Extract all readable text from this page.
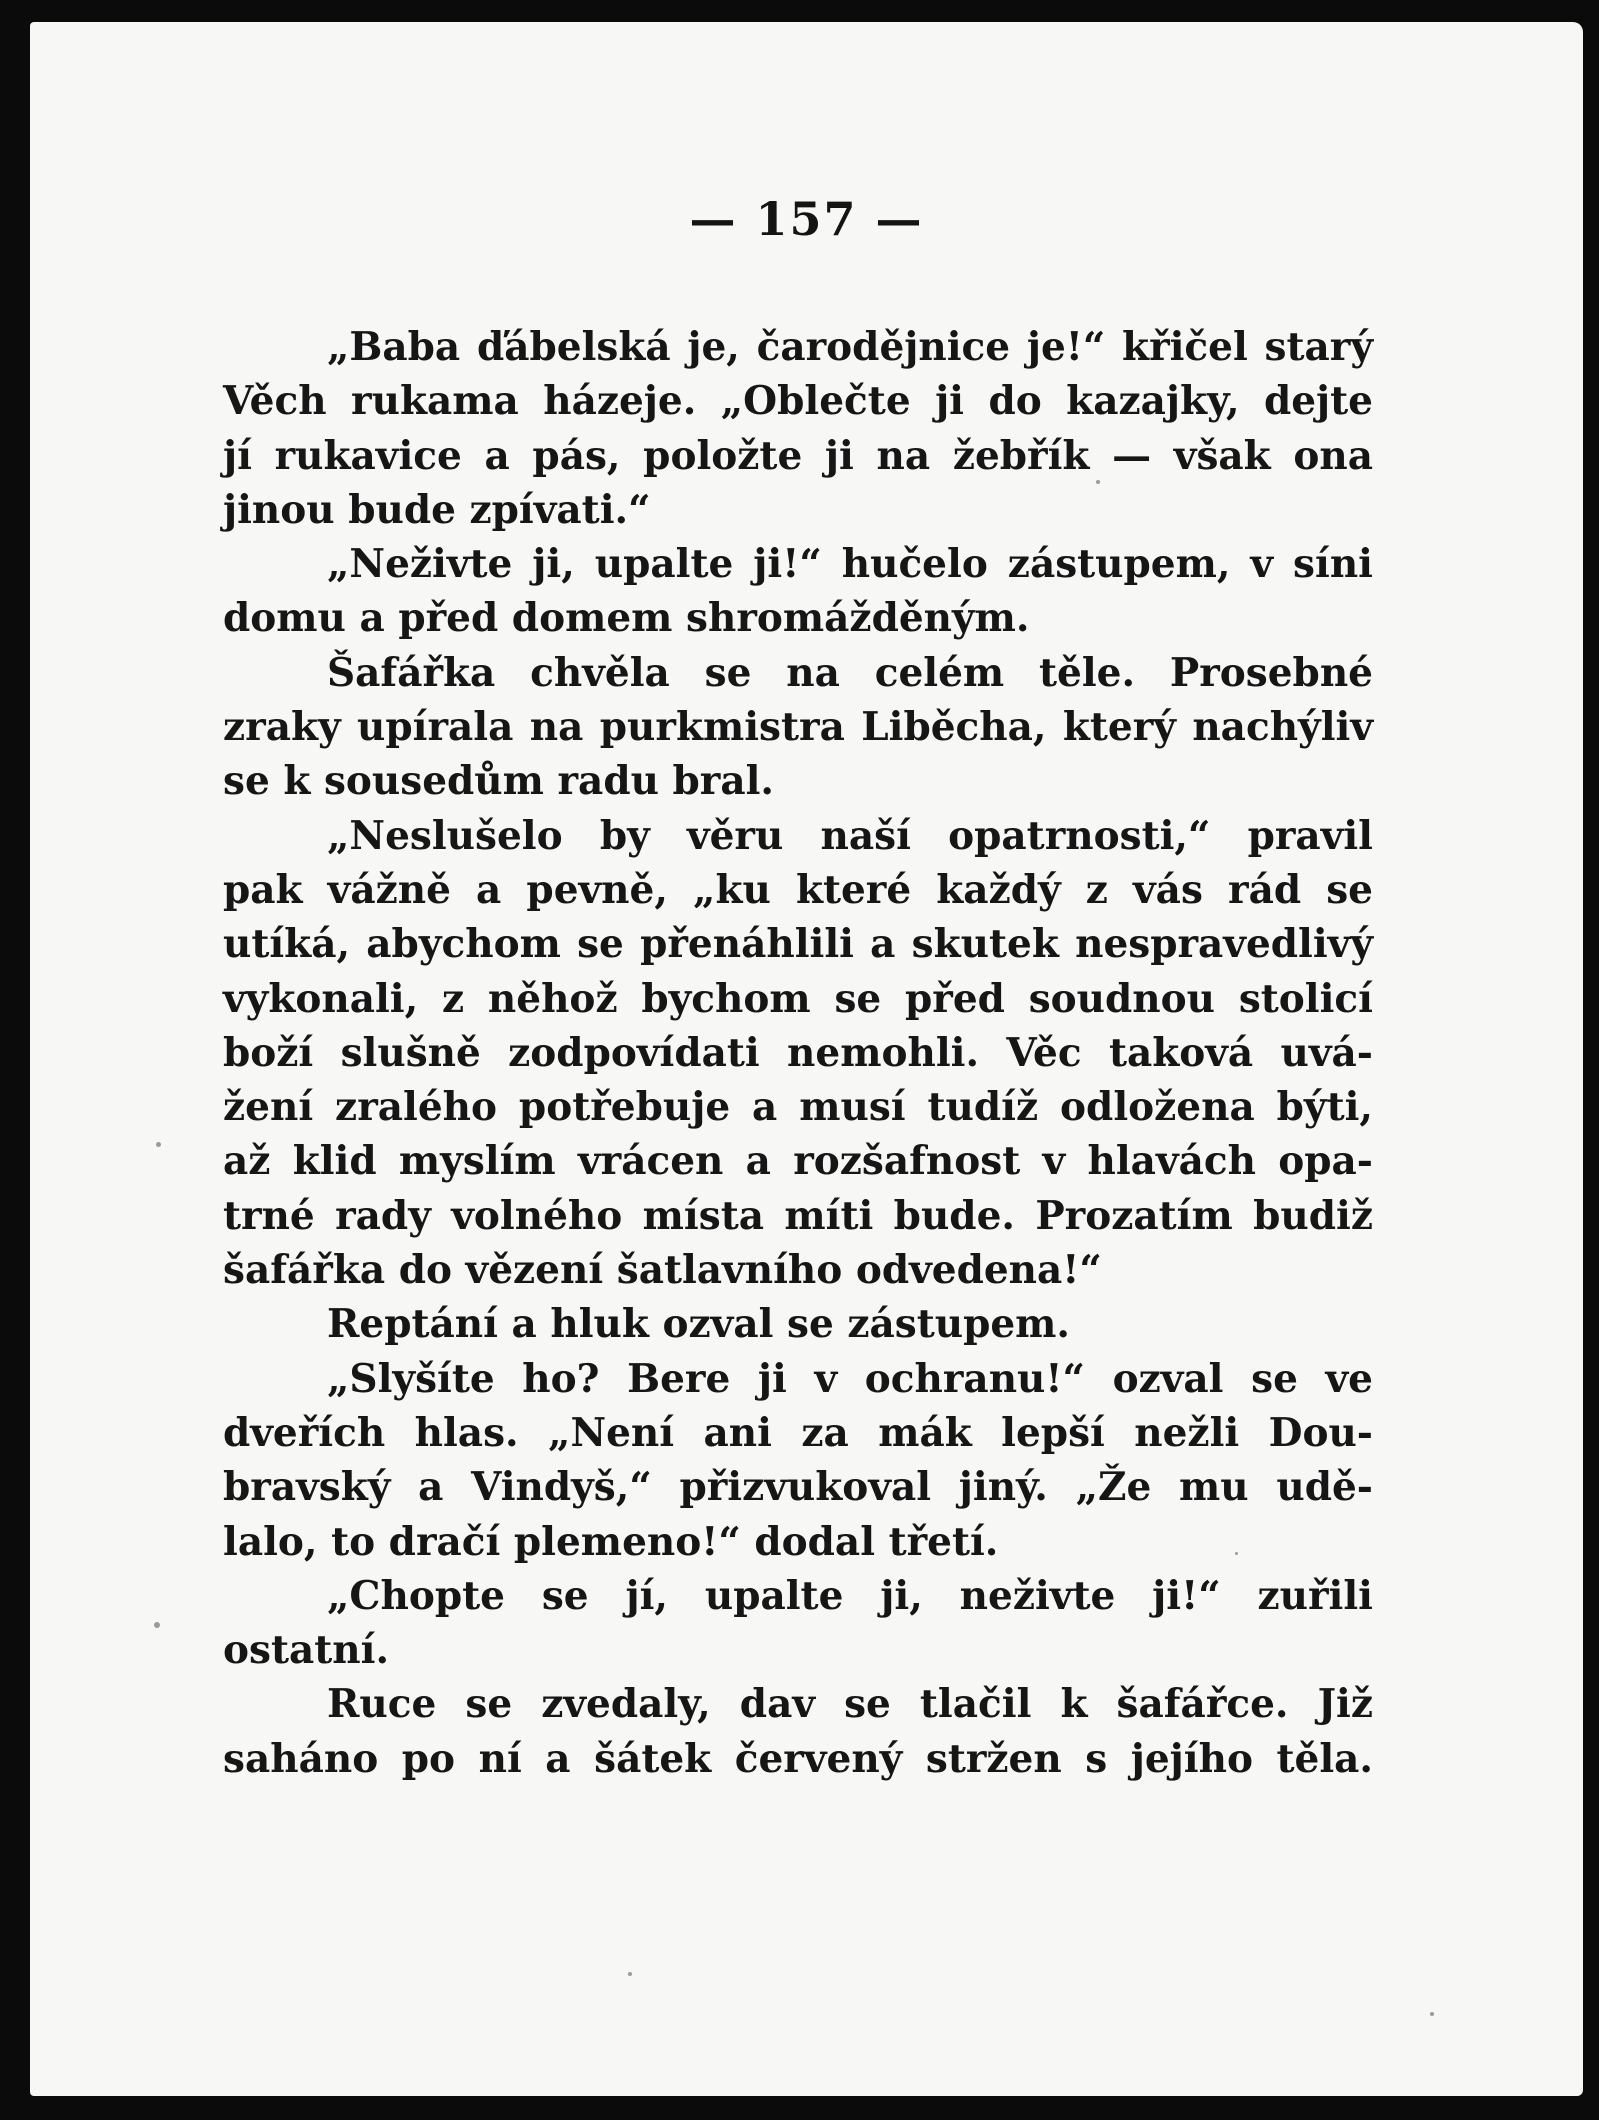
— 157 —
„Baba ďábelská je, čarodějnice je!“ křičel starý
Věch rukama házeje. „Oblečte ji do kazajky, dejte
jí rukavice a pás, položte ji na žebřík — však ona
jinou bude zpívati.“
„Neživte ji, upalte ji!“ hučelo zástupem, v síni
domu a před domem shromážděným.
Šafářka chvěla se na celém těle. Prosebné
zraky upírala na purkmistra Liběcha, který nachýliv
se k sousedům radu bral.
„Neslušelo by věru naší opatrnosti,“ pravil
pak vážně a pevně, „ku které každý z vás rád se
utíká, abychom se přenáhlili a skutek nespravedlivý
vykonali, z něhož bychom se před soudnou stolicí
boží slušně zodpovídati nemohli. Věc taková uvá-
žení zralého potřebuje a musí tudíž odložena býti,
až klid myslím vrácen a rozšafnost v hlavách opa-
trné rady volného místa míti bude. Prozatím budiž
šafářka do vězení šatlavního odvedena!“
Reptání a hluk ozval se zástupem.
„Slyšíte ho? Bere ji v ochranu!“ ozval se ve
dveřích hlas. „Není ani za mák lepší nežli Dou-
bravský a Vindyš,“ přizvukoval jiný. „Že mu udě-
lalo, to dračí plemeno!“ dodal třetí.
„Chopte se jí, upalte ji, neživte ji!“ zuřili
ostatní.
Ruce se zvedaly, dav se tlačil k šafářce. Již
saháno po ní a šátek červený stržen s jejího těla.
